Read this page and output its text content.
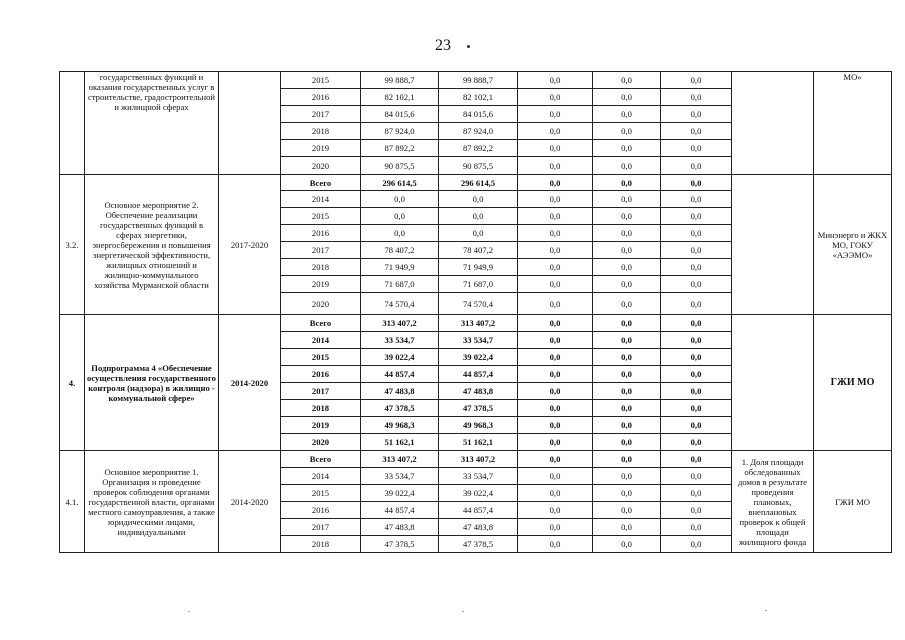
23
	государственных функций и оказания государственных услуг в строительстве, градостроительной и жилищной сферах		2015	99 888,7	99 888,7	0,0	0,0	0,0		МО»
			2016	82 102,1	82 102,1	0,0	0,0	0,0		
			2017	84 015,6	84 015,6	0,0	0,0	0,0		
			2018	87 924,0	87 924,0	0,0	0,0	0,0		
			2019	87 892,2	87 892,2	0,0	0,0	0,0		
			2020	90 875,5	90 875,5	0,0	0,0	0,0		
3.2.	Основное мероприятие 2. Обеспечение реализации государственных функций в сферах энергетики, энергосбережения и повышения энергетической эффективности, жилищных отношений и жилищно-коммунального хозяйства Мурманской области	2017-2020	Всего	296 614,5	296 614,5	0,0	0,0	0,0		Минэнерго и ЖКХ МО, ГОКУ «АЭЭМО»
			2014	0,0	0,0	0,0	0,0	0,0		
			2015	0,0	0,0	0,0	0,0	0,0		
			2016	0,0	0,0	0,0	0,0	0,0		
			2017	78 407,2	78 407,2	0,0	0,0	0,0		
			2018	71 949,9	71 949,9	0,0	0,0	0,0		
			2019	71 687,0	71 687,0	0,0	0,0	0,0		
			2020	74 570,4	74 570,4	0,0	0,0	0,0		
4.	Подпрограмма 4 «Обеспечение осуществления государственного контроля (надзора) в жилищно - коммунальной сфере»	2014-2020	Всего	313 407,2	313 407,2	0,0	0,0	0,0		ГЖИ МО
			2014	33 534,7	33 534,7	0,0	0,0	0,0		
			2015	39 022,4	39 022,4	0,0	0,0	0,0		
			2016	44 857,4	44 857,4	0,0	0,0	0,0		
			2017	47 483,8	47 483,8	0,0	0,0	0,0		
			2018	47 378,5	47 378,5	0,0	0,0	0,0		
			2019	49 968,3	49 968,3	0,0	0,0	0,0		
			2020	51 162,1	51 162,1	0,0	0,0	0,0		
4.1.	Основное мероприятие 1. Организация и проведение проверок соблюдения органами государственной власти, органами местного самоуправления, а также юридическими лицами, индивидуальными	2014-2020	Всего	313 407,2	313 407,2	0,0	0,0	0,0	1. Доля площади обследованных домов в результате проведения плановых, внеплановых проверок к общей площади жилищного фонда	ГЖИ МО
			2014	33 534,7	33 534,7	0,0	0,0	0,0		
			2015	39 022,4	39 022,4	0,0	0,0	0,0		
			2016	44 857,4	44 857,4	0,0	0,0	0,0		
			2017	47 483,8	47 483,8	0,0	0,0	0,0		
			2018	47 378,5	47 378,5	0,0	0,0	0,0		
